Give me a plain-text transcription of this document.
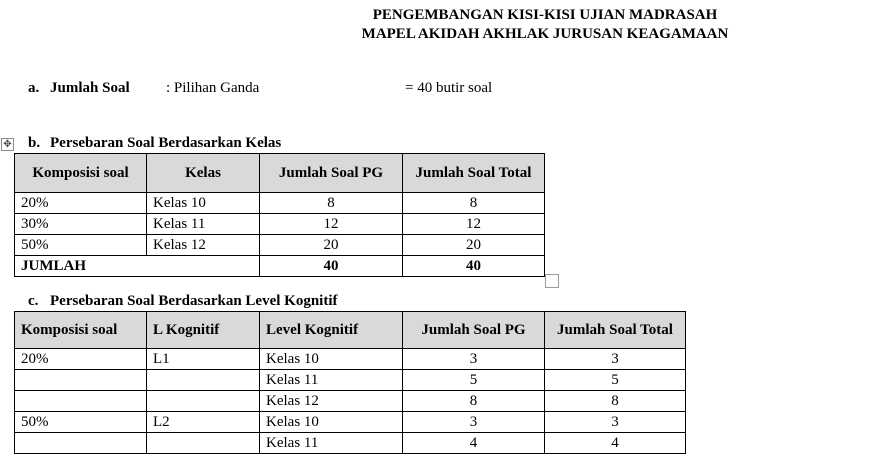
PENGEMBANGAN KISI-KISI UJIAN MADRASAH
MAPEL AKIDAH AKHLAK JURUSAN KEAGAMAAN
a. Jumlah Soal : Pilihan Ganda	= 40 butir soal
✥ b. Persebaran Soal Berdasarkan Kelas
Komposisi soal	Kelas	Jumlah Soal PG	Jumlah Soal Total
20%	Kelas 10	8	8
30%	Kelas 11	12	12
50%	Kelas 12	20	20
JUMLAH		40	40
c. Persebaran Soal Berdasarkan Level Kognitif
Komposisi soal	L Kognitif	Level Kognitif	Jumlah Soal PG	Jumlah Soal Total
20%	L1	Kelas 10	3	3
		Kelas 11	5	5
		Kelas 12	8	8
50%	L2	Kelas 10	3	3
		Kelas 11	4	4
